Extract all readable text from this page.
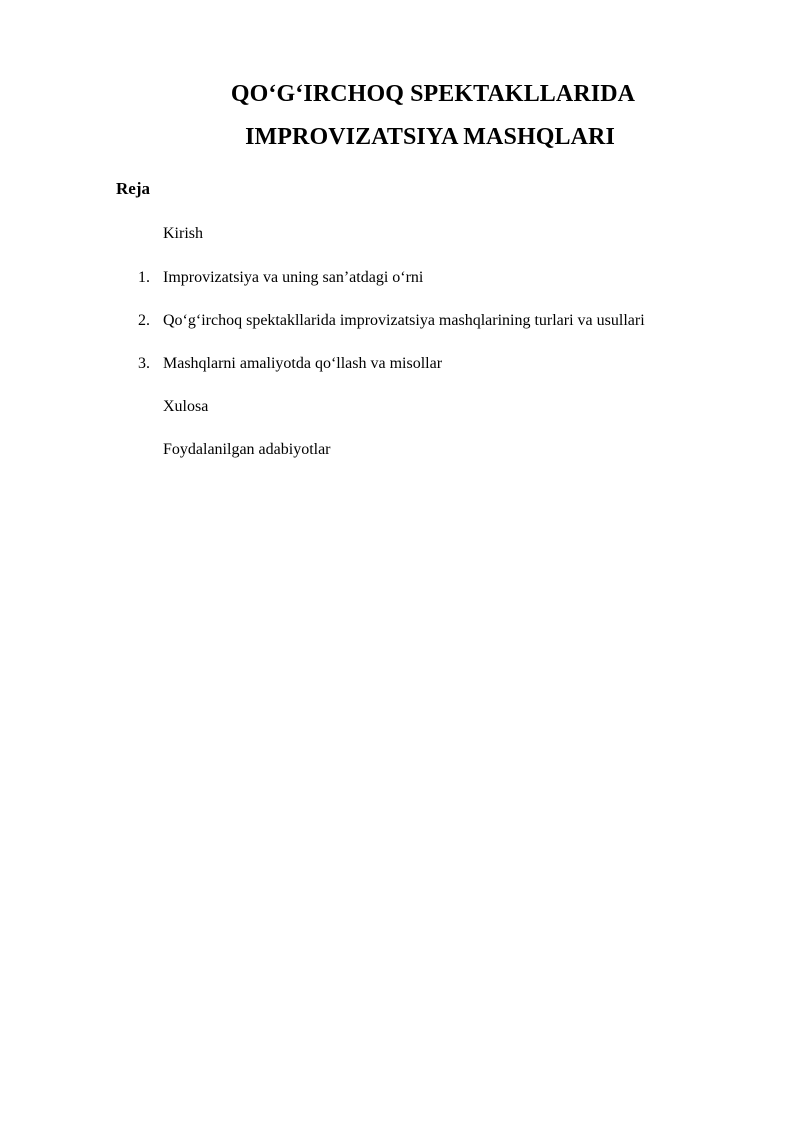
QO‘G‘IRCHOQ SPEKTAKLLARIDA
IMPROVIZATSIYA MASHQLARI
Reja
Kirish
1. Improvizatsiya va uning san’atdagi o‘rni
2. Qo‘g‘irchoq spektakllarida improvizatsiya mashqlarining turlari va usullari
3. Mashqlarni amaliyotda qo‘llash va misollar
Xulosa
Foydalanilgan adabiyotlar
